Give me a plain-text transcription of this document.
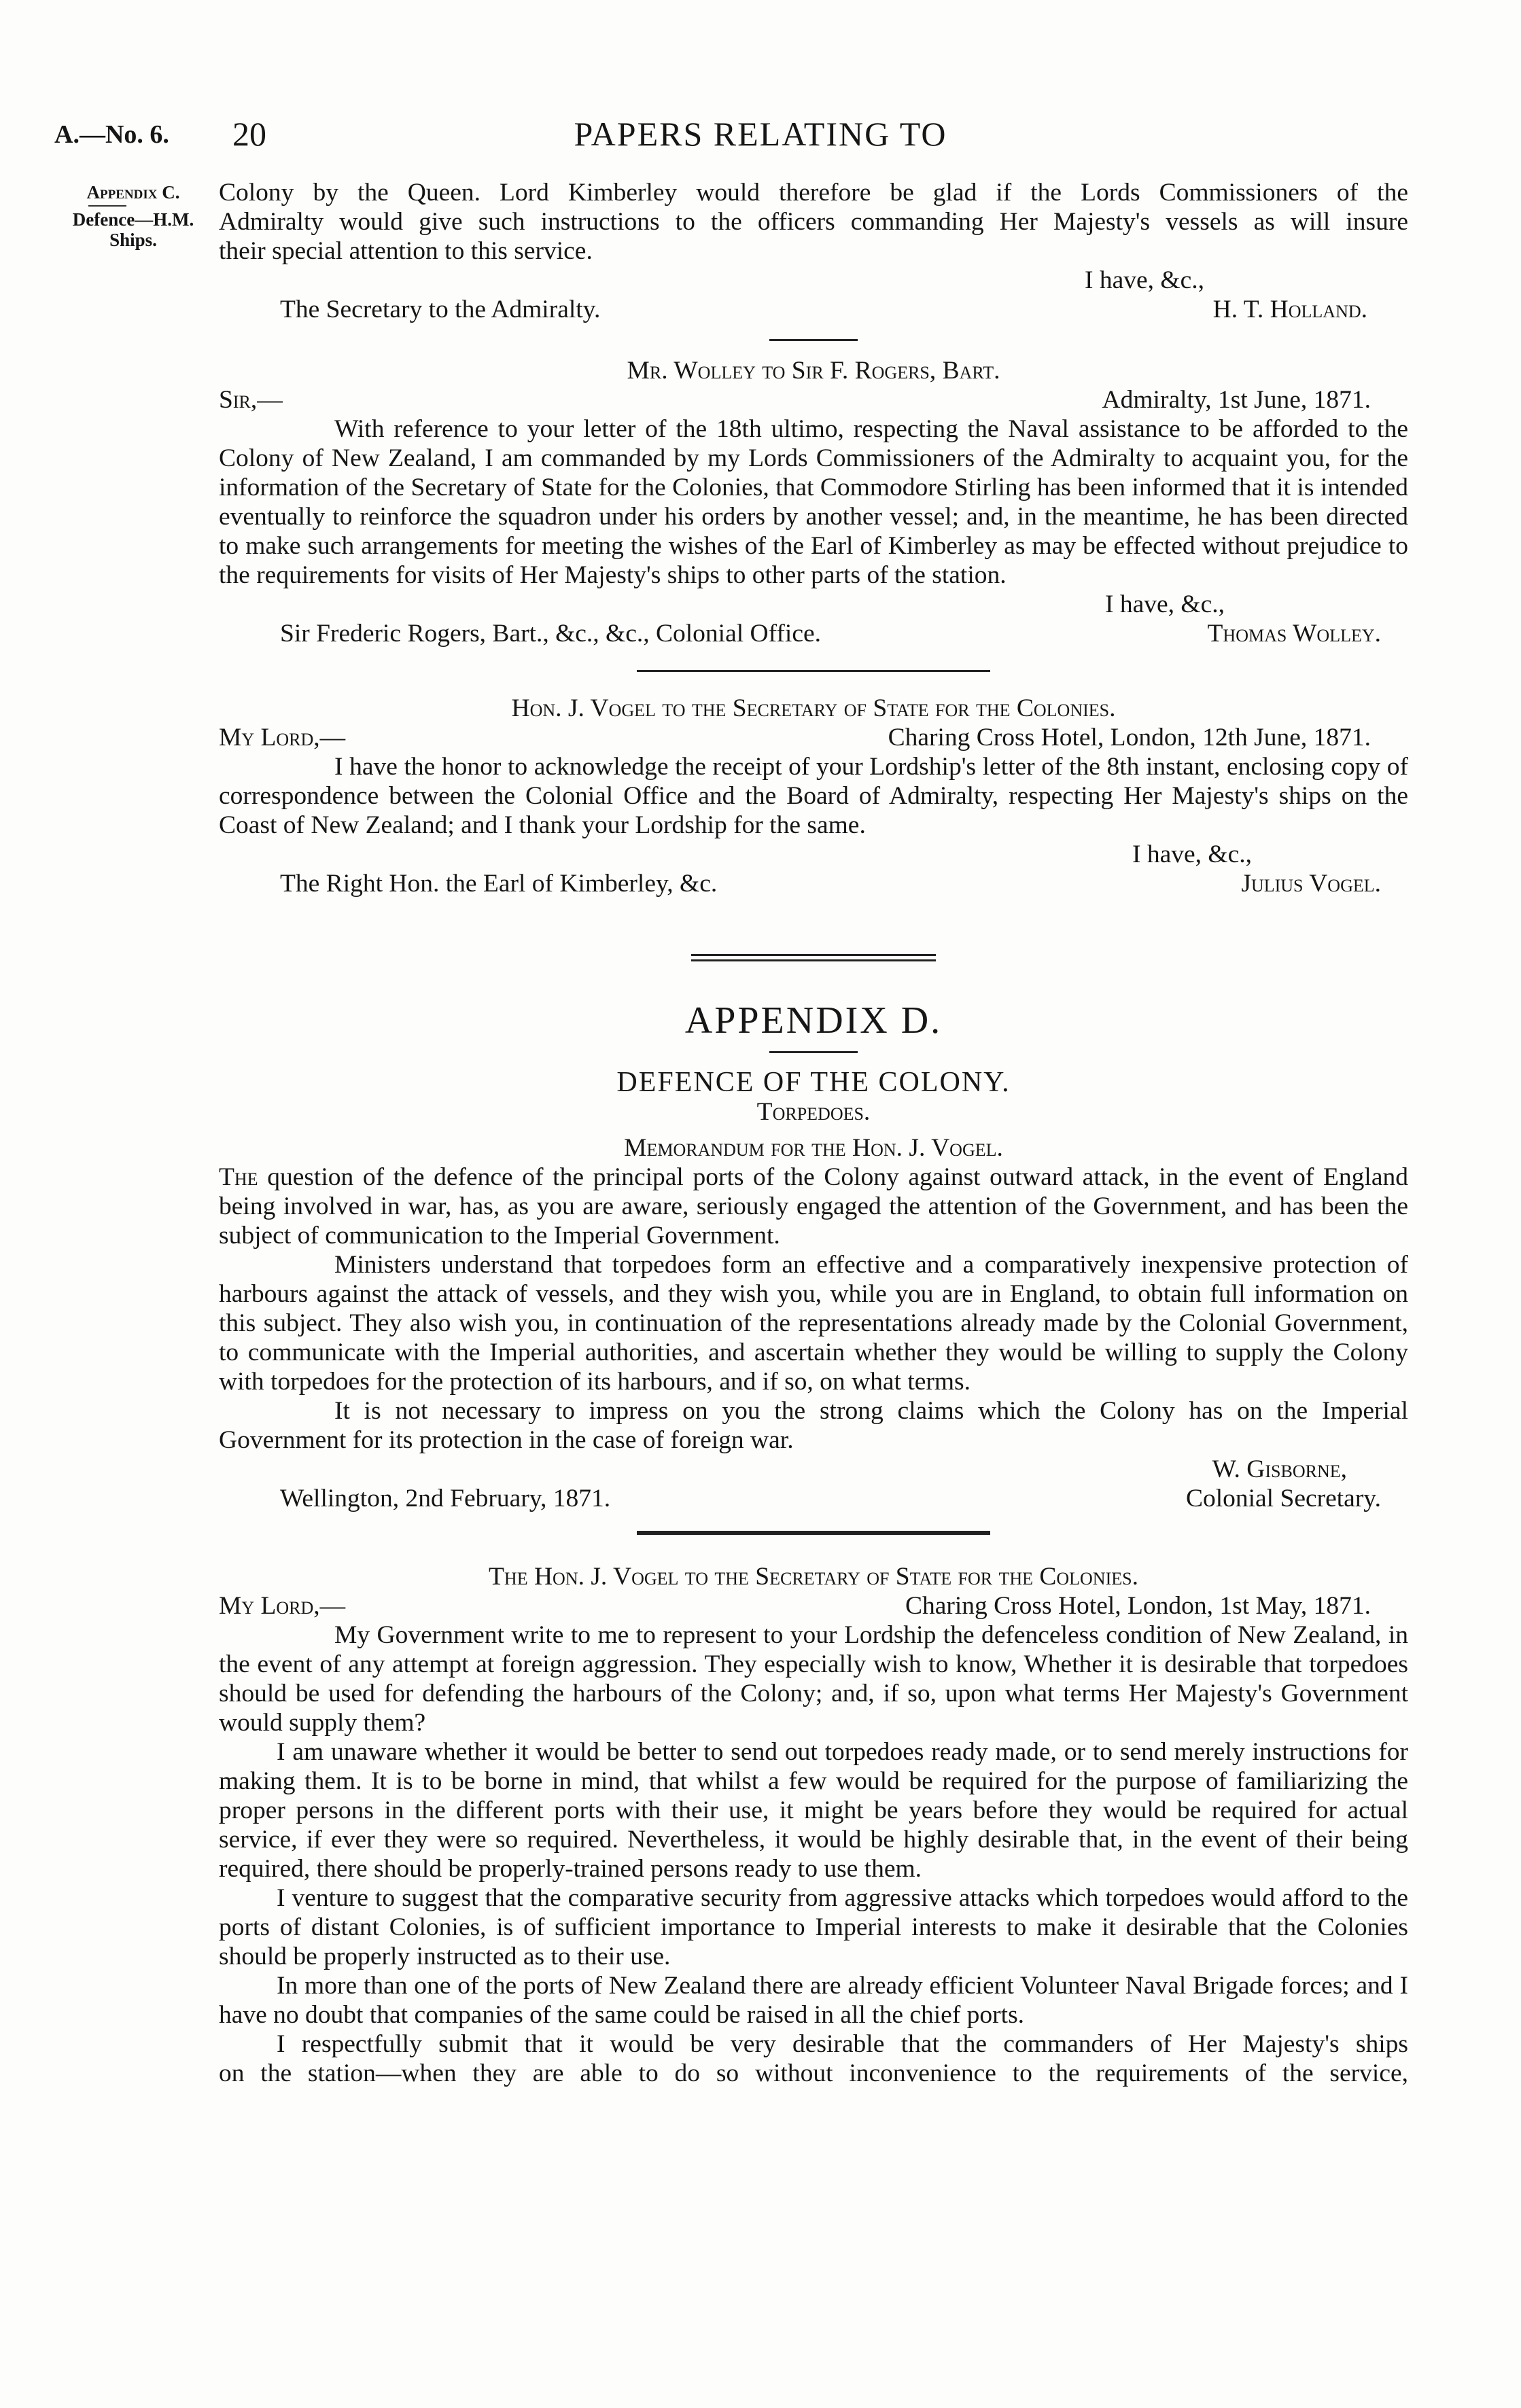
PAPERS RELATING TO
A.—No. 6. 20
Appendix C.
Defence—H.M.
Ships.
Colony by the Queen. Lord Kimberley would therefore be glad if the Lords Commissioners of the
Admiralty would give such instructions to the officers commanding Her Majesty's vessels as will insure
their special attention to this service.
I have, &c.,
The Secretary to the Admiralty.	H. T. Holland.
Mr. Wolley to Sir F. Rogers, Bart.
Sir,—	Admiralty, 1st June, 1871.
With reference to your letter of the 18th ultimo, respecting the Naval assistance to be afforded to the Colony of New Zealand, I am commanded by my Lords Commissioners of the Admiralty to acquaint you, for the information of the Secretary of State for the Colonies, that Commodore Stirling has been informed that it is intended eventually to reinforce the squadron under his orders by another vessel; and, in the meantime, he has been directed to make such arrangements for meeting the wishes of the Earl of Kimberley as may be effected without prejudice to the requirements for visits of Her Majesty's ships to other parts of the station.
I have, &c.,
Sir Frederic Rogers, Bart., &c., &c., Colonial Office.	Thomas Wolley.
Hon. J. Vogel to the Secretary of State for the Colonies.
My Lord,—	Charing Cross Hotel, London, 12th June, 1871.
I have the honor to acknowledge the receipt of your Lordship's letter of the 8th instant, enclosing copy of correspondence between the Colonial Office and the Board of Admiralty, respecting Her Majesty's ships on the Coast of New Zealand; and I thank your Lordship for the same.
I have, &c.,
The Right Hon. the Earl of Kimberley, &c.	Julius Vogel.
APPENDIX D.
DEFENCE OF THE COLONY.
Torpedoes.
Memorandum for the Hon. J. Vogel.
The question of the defence of the principal ports of the Colony against outward attack, in the event of England being involved in war, has, as you are aware, seriously engaged the attention of the Government, and has been the subject of communication to the Imperial Government.
Ministers understand that torpedoes form an effective and a comparatively inexpensive protection of harbours against the attack of vessels, and they wish you, while you are in England, to obtain full information on this subject. They also wish you, in continuation of the representations already made by the Colonial Government, to communicate with the Imperial authorities, and ascertain whether they would be willing to supply the Colony with torpedoes for the protection of its harbours, and if so, on what terms.
It is not necessary to impress on you the strong claims which the Colony has on the Imperial Government for its protection in the case of foreign war.
W. Gisborne,
Wellington, 2nd February, 1871.	Colonial Secretary.
The Hon. J. Vogel to the Secretary of State for the Colonies.
My Lord,—	Charing Cross Hotel, London, 1st May, 1871.
My Government write to me to represent to your Lordship the defenceless condition of New Zealand, in the event of any attempt at foreign aggression. They especially wish to know, Whether it is desirable that torpedoes should be used for defending the harbours of the Colony; and, if so, upon what terms Her Majesty's Government would supply them?
I am unaware whether it would be better to send out torpedoes ready made, or to send merely instructions for making them. It is to be borne in mind, that whilst a few would be required for the purpose of familiarizing the proper persons in the different ports with their use, it might be years before they would be required for actual service, if ever they were so required. Nevertheless, it would be highly desirable that, in the event of their being required, there should be properly-trained persons ready to use them.
I venture to suggest that the comparative security from aggressive attacks which torpedoes would afford to the ports of distant Colonies, is of sufficient importance to Imperial interests to make it desirable that the Colonies should be properly instructed as to their use.
In more than one of the ports of New Zealand there are already efficient Volunteer Naval Brigade forces; and I have no doubt that companies of the same could be raised in all the chief ports.
I respectfully submit that it would be very desirable that the commanders of Her Majesty's ships
on the station—when they are able to do so without inconvenience to the requirements of the service,
